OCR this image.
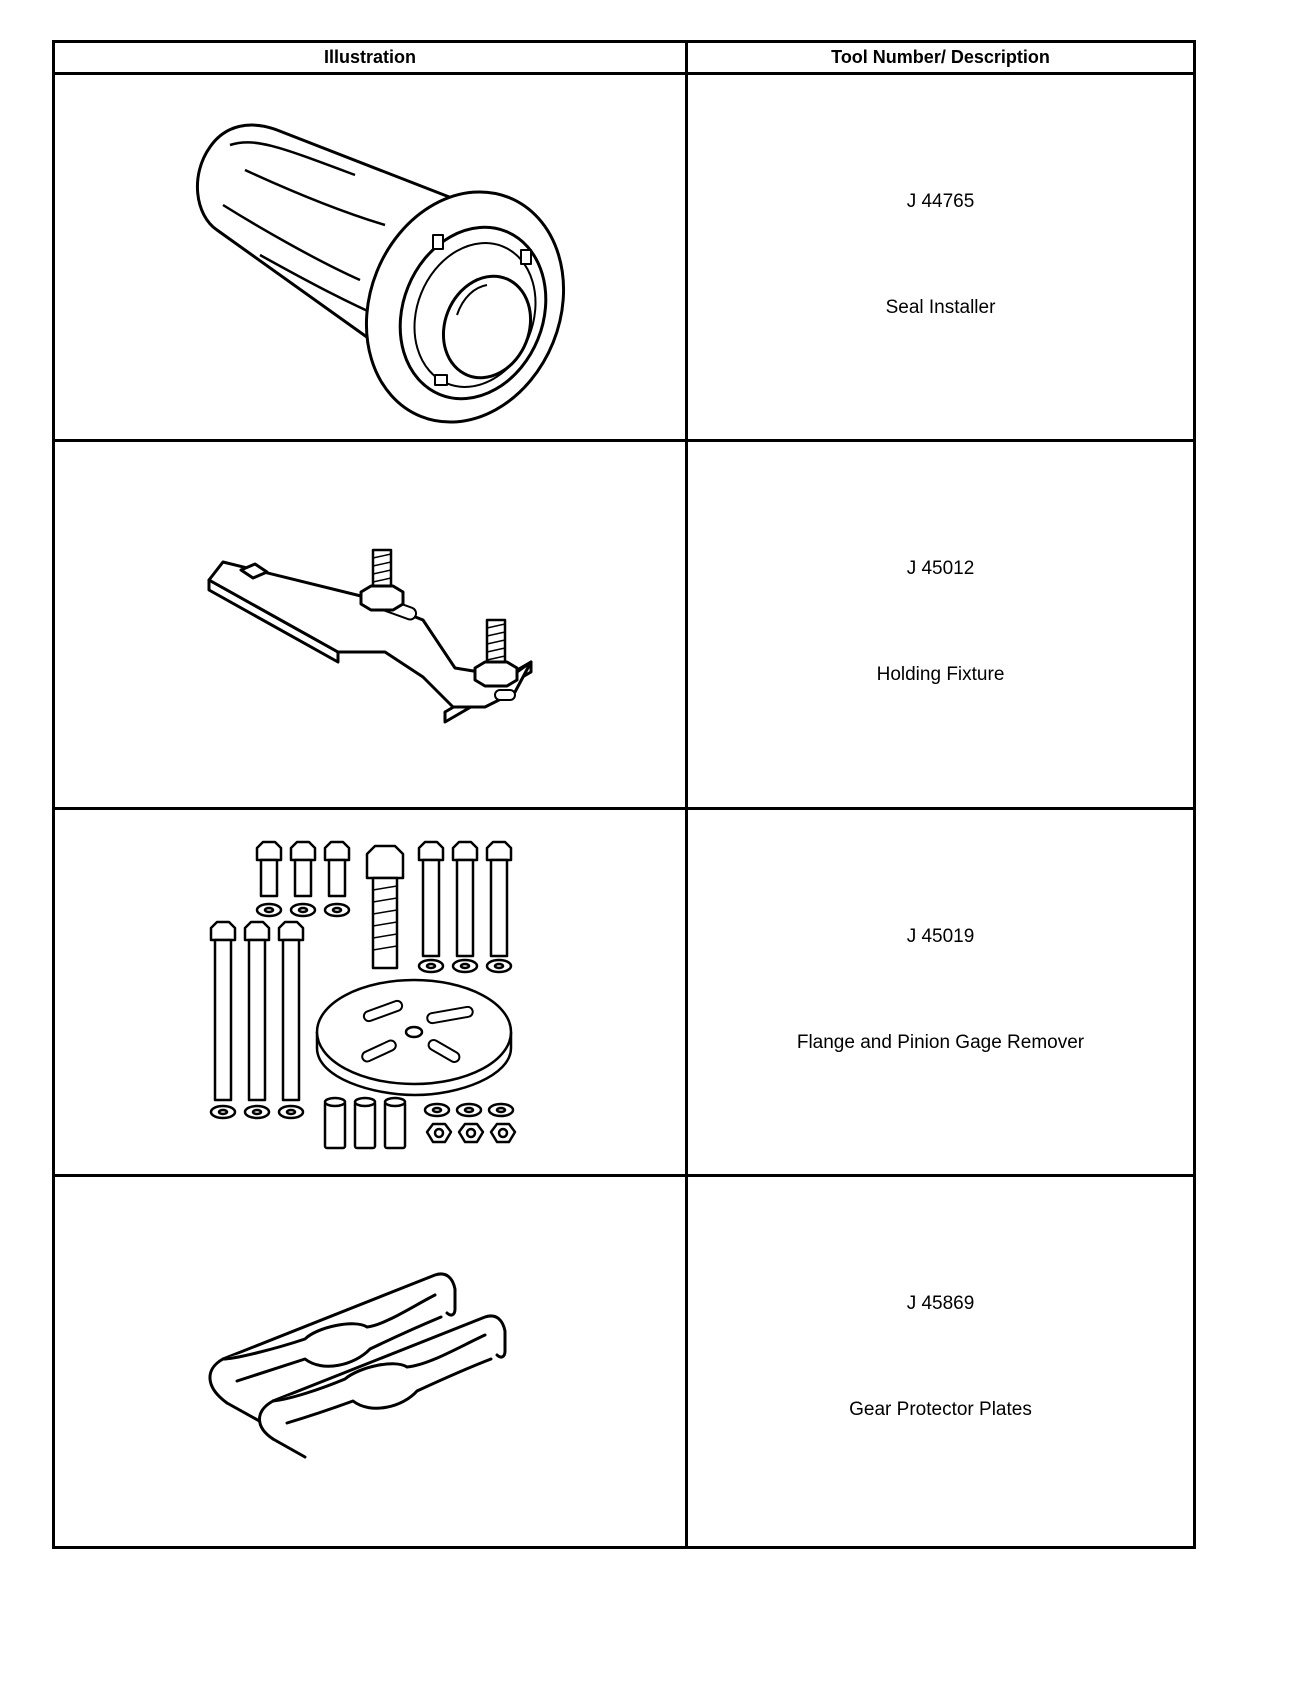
Illustration	Tool Number/ Description
J 44765
Seal Installer
J 45012
Holding Fixture
J 45019
Flange and Pinion Gage Remover
J 45869
Gear Protector Plates
